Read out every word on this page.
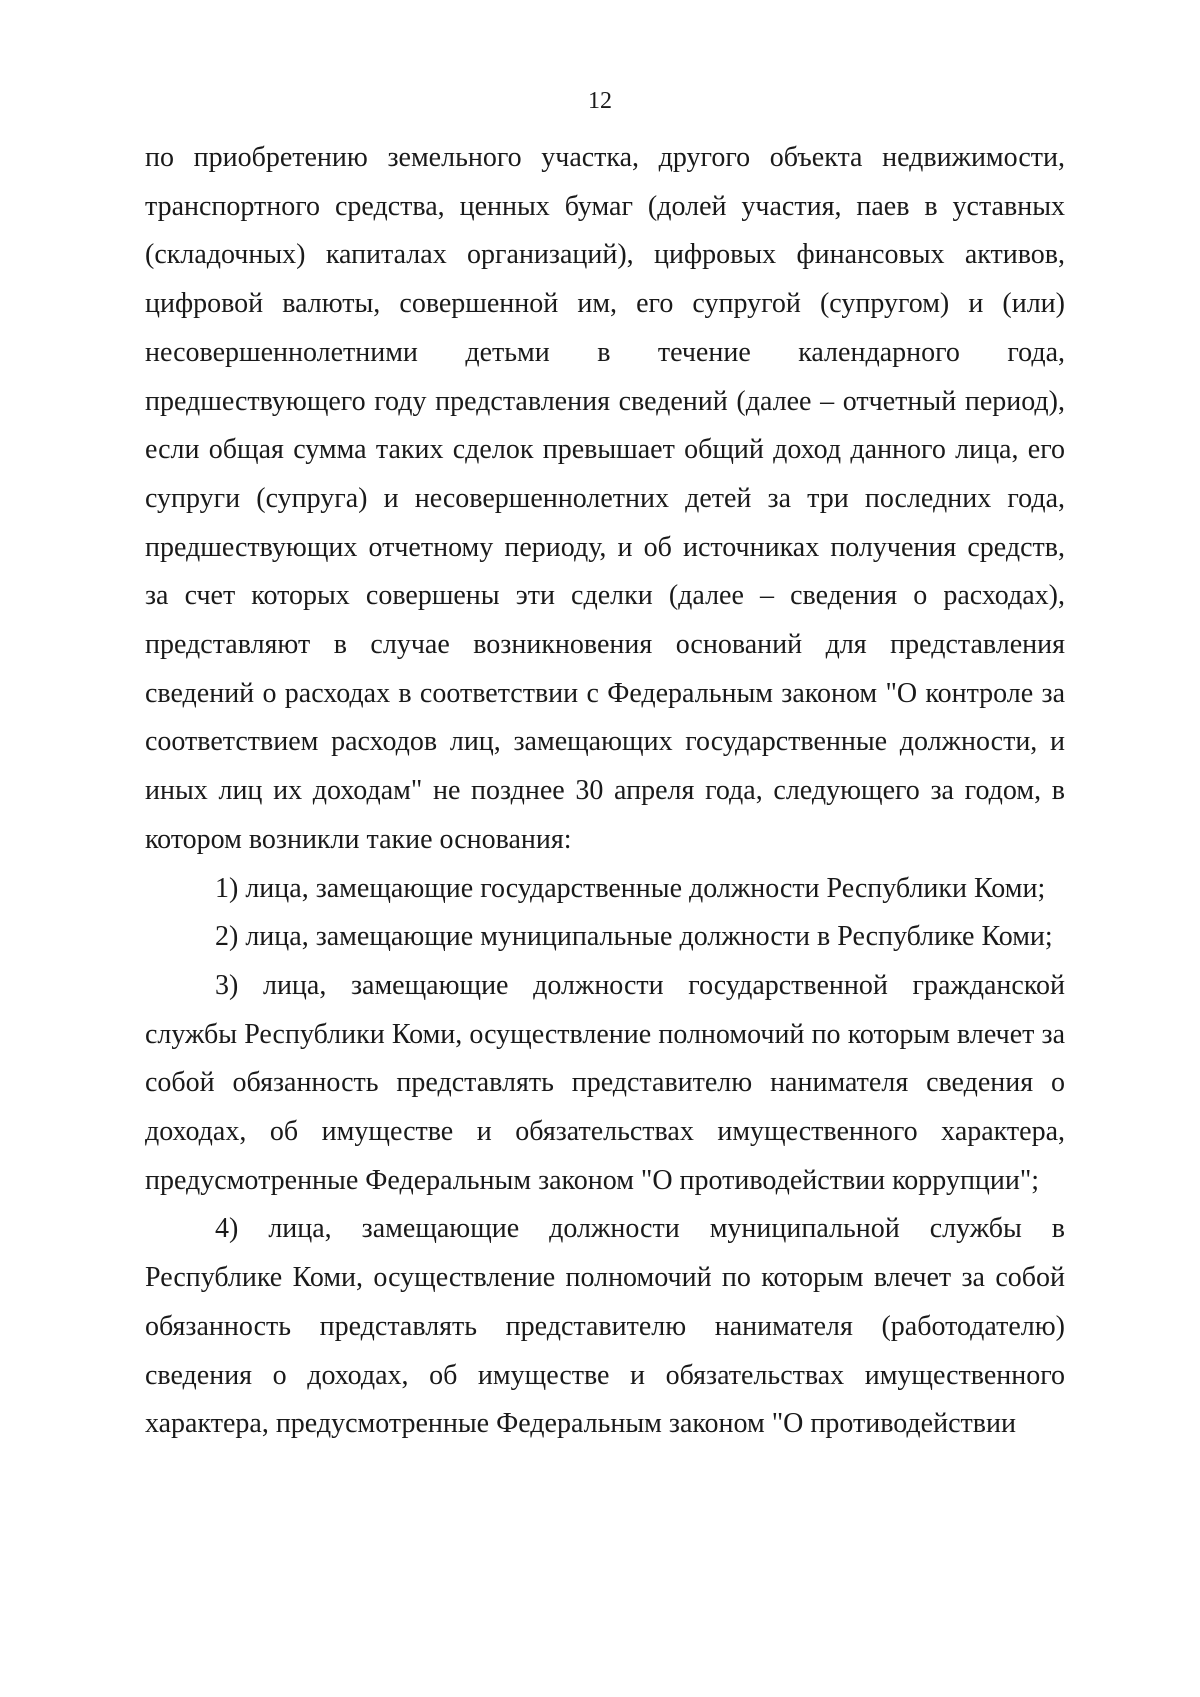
12

по приобретению земельного участка, другого объекта недвижимости, транспортного средства, ценных бумаг (долей участия, паев в уставных (складочных) капиталах организаций), цифровых финансовых активов, цифровой валюты, совершенной им, его супругой (супругом) и (или) несовершеннолетними детьми в течение календарного года, предшествующего году представления сведений (далее – отчетный период), если общая сумма таких сделок превышает общий доход данного лица, его супруги (супруга) и несовершеннолетних детей за три последних года, предшествующих отчетному периоду, и об источниках получения средств, за счет которых совершены эти сделки (далее – сведения о расходах), представляют в случае возникновения оснований для представления сведений о расходах в соответствии с Федеральным законом "О контроле за соответствием расходов лиц, замещающих государственные должности, и иных лиц их доходам" не позднее 30 апреля года, следующего за годом, в котором возникли такие основания:

1) лица, замещающие государственные должности Республики Коми;

2) лица, замещающие муниципальные должности в Республике Коми;

3) лица, замещающие должности государственной гражданской службы Республики Коми, осуществление полномочий по которым влечет за собой обязанность представлять представителю нанимателя сведения о доходах, об имуществе и обязательствах имущественного характера, предусмотренные Федеральным законом "О противодействии коррупции";

4) лица, замещающие должности муниципальной службы в Республике Коми, осуществление полномочий по которым влечет за собой обязанность представлять представителю нанимателя (работодателю) сведения о доходах, об имуществе и обязательствах имущественного характера, предусмотренные Федеральным законом "О противодействии
